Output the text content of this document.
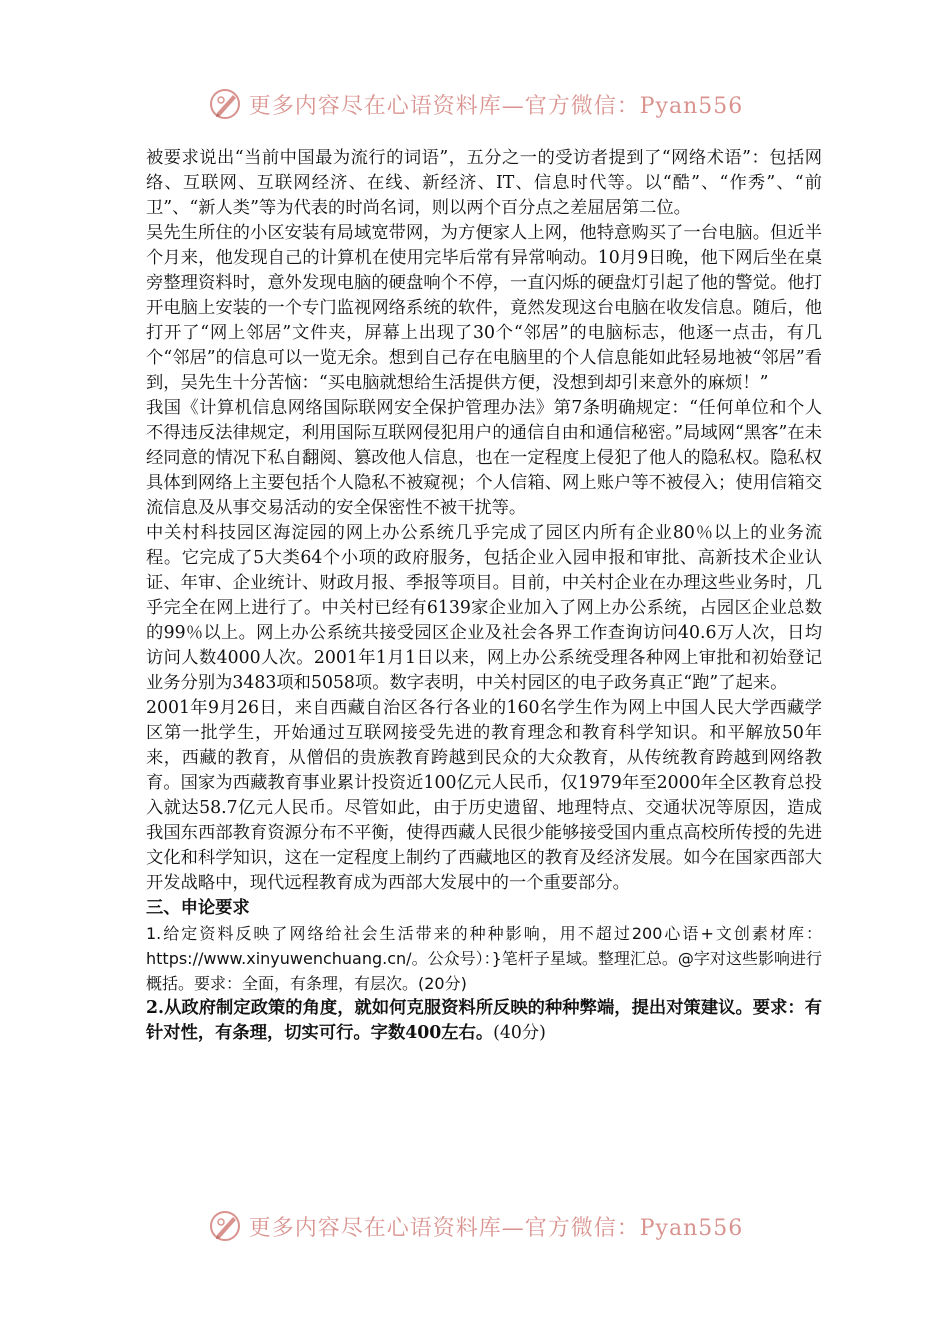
更多内容尽在心语资料库—官方微信：Pyan556

被要求说出“当前中国最为流行的词语”，五分之一的受访者提到了“网络术语”：包括网络、互联网、互联网经济、在线、新经济、IT、信息时代等。以“酷”、“作秀”、“前卫”、“新人类”等为代表的时尚名词，则以两个百分点之差屈居第二位。

吴先生所住的小区安装有局域宽带网，为方便家人上网，他特意购买了一台电脑。但近半个月来，他发现自己的计算机在使用完毕后常有异常响动。10月9日晚，他下网后坐在桌旁整理资料时，意外发现电脑的硬盘响个不停，一直闪烁的硬盘灯引起了他的警觉。他打开电脑上安装的一个专门监视网络系统的软件，竟然发现这台电脑在收发信息。随后，他打开了“网上邻居”文件夹，屏幕上出现了30个“邻居”的电脑标志，他逐一点击，有几个“邻居”的信息可以一览无余。想到自己存在电脑里的个人信息能如此轻易地被“邻居”看到，吴先生十分苦恼：“买电脑就想给生活提供方便，没想到却引来意外的麻烦！”

我国《计算机信息网络国际联网安全保护管理办法》第7条明确规定：“任何单位和个人不得违反法律规定，利用国际互联网侵犯用户的通信自由和通信秘密。”局域网“黑客”在未经同意的情况下私自翻阅、篡改他人信息，也在一定程度上侵犯了他人的隐私权。隐私权具体到网络上主要包括个人隐私不被窥视；个人信箱、网上账户等不被侵入；使用信箱交流信息及从事交易活动的安全保密性不被干扰等。

中关村科技园区海淀园的网上办公系统几乎完成了园区内所有企业80％以上的业务流程。它完成了5大类64个小项的政府服务，包括企业入园申报和审批、高新技术企业认证、年审、企业统计、财政月报、季报等项目。目前，中关村企业在办理这些业务时，几乎完全在网上进行了。中关村已经有6139家企业加入了网上办公系统，占园区企业总数的99％以上。网上办公系统共接受园区企业及社会各界工作查询访问40.6万人次，日均访问人数4000人次。2001年1月1日以来，网上办公系统受理各种网上审批和初始登记业务分别为3483项和5058项。数字表明，中关村园区的电子政务真正“跑”了起来。

2001年9月26日，来自西藏自治区各行各业的160名学生作为网上中国人民大学西藏学区第一批学生，开始通过互联网接受先进的教育理念和教育科学知识。和平解放50年来，西藏的教育，从僧侣的贵族教育跨越到民众的大众教育，从传统教育跨越到网络教育。国家为西藏教育事业累计投资近100亿元人民币，仅1979年至2000年全区教育总投入就达58.7亿元人民币。尽管如此，由于历史遗留、地理特点、交通状况等原因，造成我国东西部教育资源分布不平衡，使得西藏人民很少能够接受国内重点高校所传授的先进文化和科学知识，这在一定程度上制约了西藏地区的教育及经济发展。如今在国家西部大开发战略中，现代远程教育成为西部大发展中的一个重要部分。

三、申论要求

1.给定资料反映了网络给社会生活带来的种种影响，用不超过200心语+文创素材库：https://www.xinyuwenchuang.cn/。公众号）：}笔杆子星域。整理汇总。@字对这些影响进行概括。要求：全面，有条理，有层次。(20分)

2.从政府制定政策的角度，就如何克服资料所反映的种种弊端，提出对策建议。要求：有针对性，有条理，切实可行。字数400左右。(40分)

更多内容尽在心语资料库—官方微信：Pyan556
